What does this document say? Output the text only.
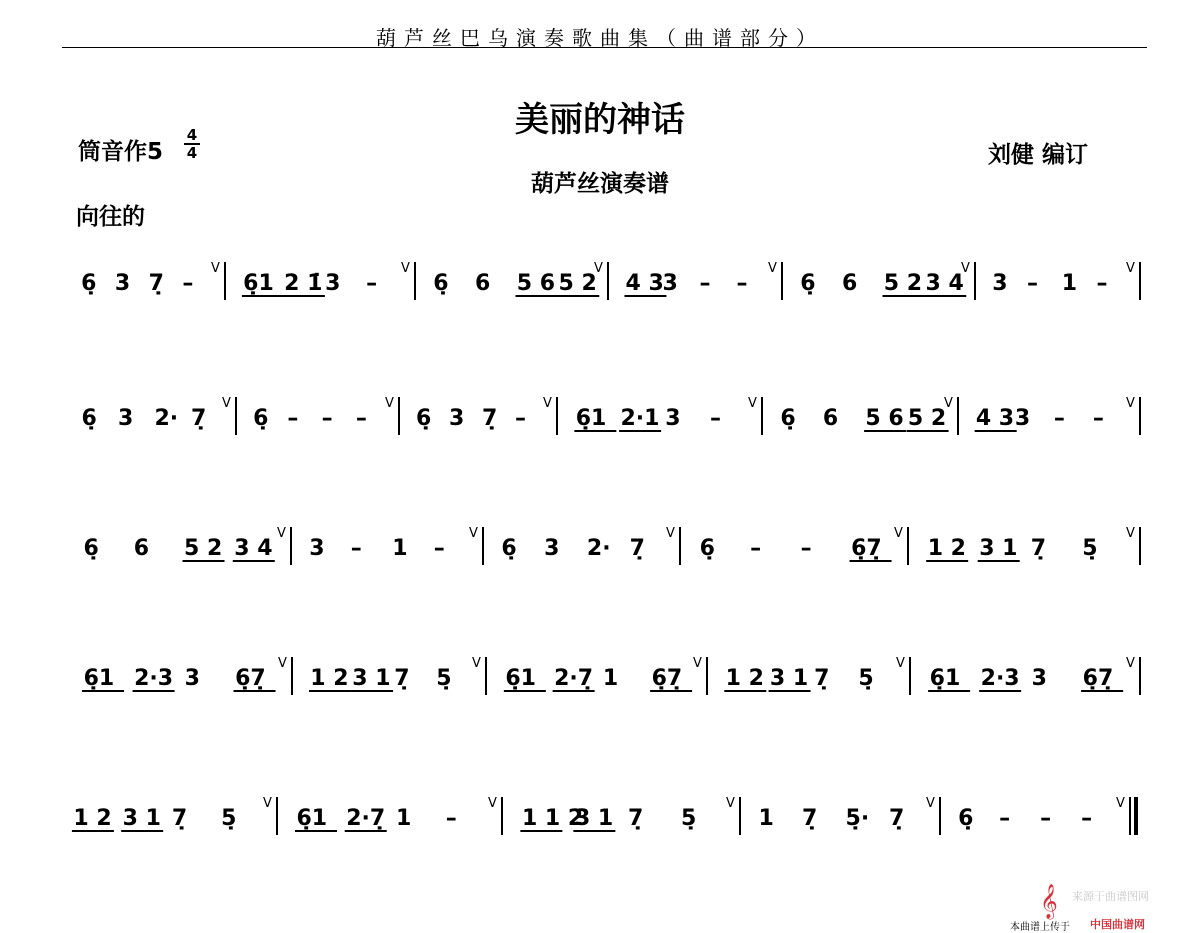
葫芦丝巴乌演奏歌曲集（曲谱部分）
美丽的神话
筒音作5
4
4	刘健 编订
葫芦丝演奏谱
向往的
6̣ 3 7̣ –
V
6̣1 2 1̇ 3 –
V
6̣ 6 5 6 5 2
V
4 3
3 – –
V
6̣ 6 5 2 3 4
V
3 – 1 –
V
6̣ 3 2· 7̣
V
6̣ – – –
V
6̣ 3 7̣ –
V
6̣1 2·1 3 –
V
6̣ 6 5 6 5 2
V
4 3 3 – –
V
6̣ 6 5 2 3 4
V
3 – 1 –
V
6̣ 3 2· 7̣
V
6̣ – – 6̣7̣
V
1 2 3 1 7̣ 5̣
V
6̣1 2·3 3 6̣7̣
V
1 2 3 1 7̣ 5̣
V
6̣1 2·7̣ 1 6̣7̣
V
1 2 3 1 7̣ 5̣
V
6̣1 2·3 3 6̣7̣
V
1 2 3 1 7̣ 5̣
V
6̣1 2·7̣ 1 –
V
1 1 2
3 1 7̣ 5̣
V
1 7̣ 5̣· 7̣
V
6̣ – – –
V
𝄞 来源于曲谱图网
本曲谱上传于 中国曲谱网
